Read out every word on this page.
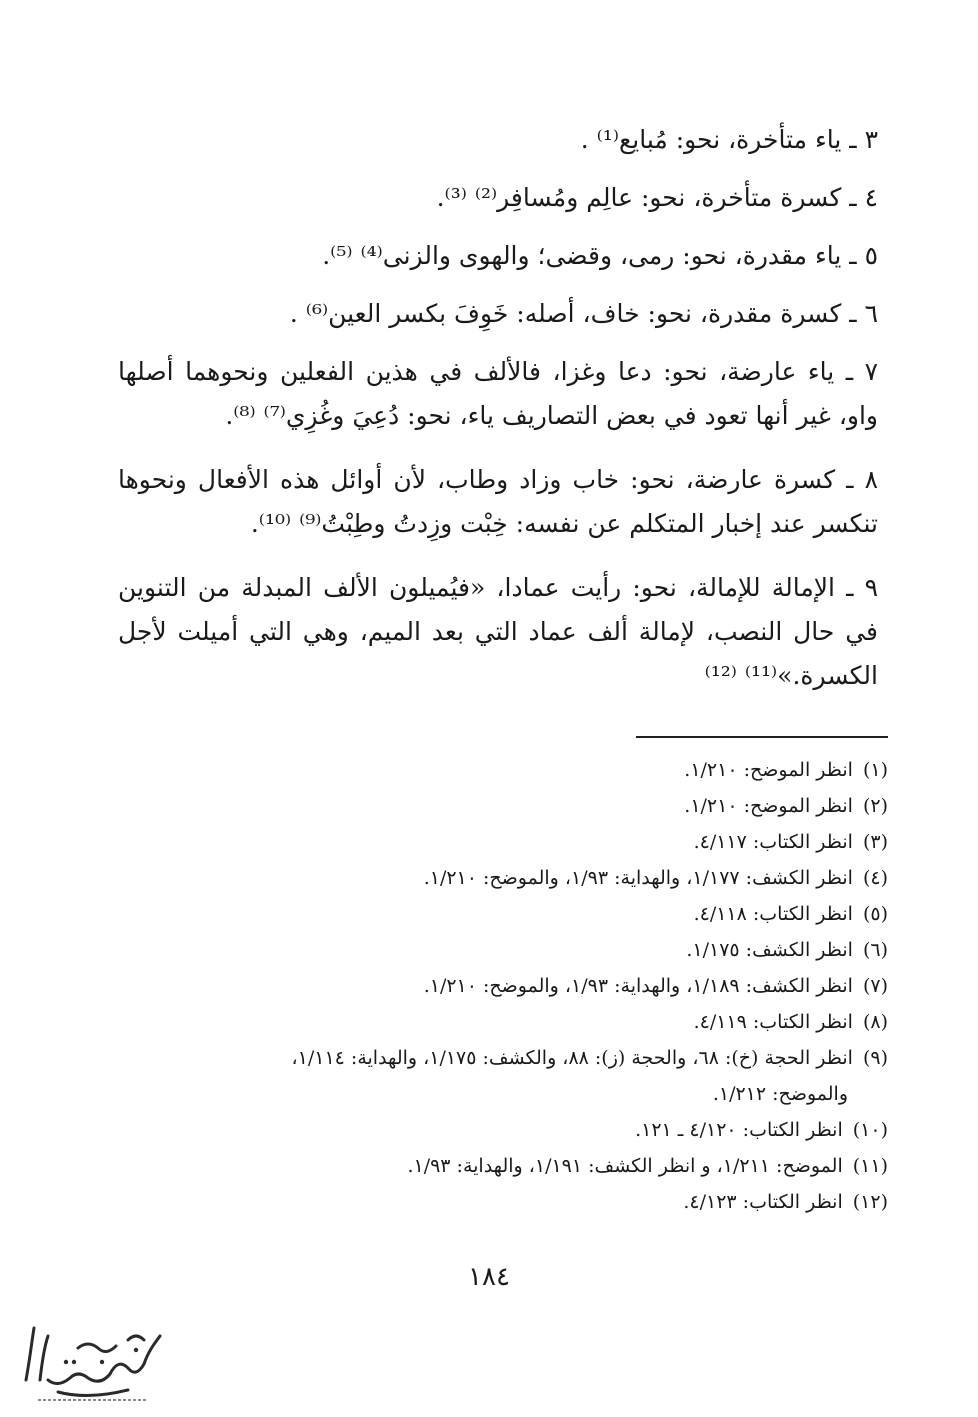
٣ ـ ياء متأخرة، نحو: مُبايع⁽¹⁾ .

٤ ـ كسرة متأخرة، نحو: عالِم ومُسافِر⁽²⁾ ⁽³⁾.

٥ ـ ياء مقدرة، نحو: رمى، وقضى؛ والهوى والزنى⁽⁴⁾ ⁽⁵⁾.

٦ ـ كسرة مقدرة، نحو: خاف، أصله: خَوِفَ بكسر العين⁽⁶⁾ .

٧ ـ ياء عارضة، نحو: دعا وغزا، فالألف في هذين الفعلين ونحوهما أصلها واو، غير أنها تعود في بعض التصاريف ياء، نحو: دُعِيَ وغُزِي⁽⁷⁾ ⁽⁸⁾.

٨ ـ كسرة عارضة، نحو: خاب وزاد وطاب، لأن أوائل هذه الأفعال ونحوها تنكسر عند إخبار المتكلم عن نفسه: خِبْت وزِدتُ وطِبْتُ⁽⁹⁾ ⁽¹⁰⁾.

٩ ـ الإمالة للإمالة، نحو: رأيت عمادا، «فيُميلون الألف المبدلة من التنوين في حال النصب، لإمالة ألف عماد التي بعد الميم، وهي التي أميلت لأجل الكسرة.»⁽¹¹⁾ ⁽¹²⁾

(١)انظر الموضح: ١/٢١٠.

(٢)انظر الموضح: ١/٢١٠.

(٣)انظر الكتاب: ٤/١١٧.

(٤)انظر الكشف: ١/١٧٧، والهداية: ١/٩٣، والموضح: ١/٢١٠.

(٥)انظر الكتاب: ٤/١١٨.

(٦)انظر الكشف: ١/١٧٥.

(٧)انظر الكشف: ١/١٨٩، والهداية: ١/٩٣، والموضح: ١/٢١٠.

(٨)انظر الكتاب: ٤/١١٩.

(٩)انظر الحجة (خ): ٦٨، والحجة (ز): ٨٨، والكشف: ١/١٧٥، والهداية: ١/١١٤،

والموضح: ١/٢١٢.

(١٠)انظر الكتاب: ٤/١٢٠ ـ ١٢١.

(١١)الموضح: ١/٢١١، و انظر الكشف: ١/١٩١، والهداية: ١/٩٣.

(١٢)انظر الكتاب: ٤/١٢٣.

١٨٤
